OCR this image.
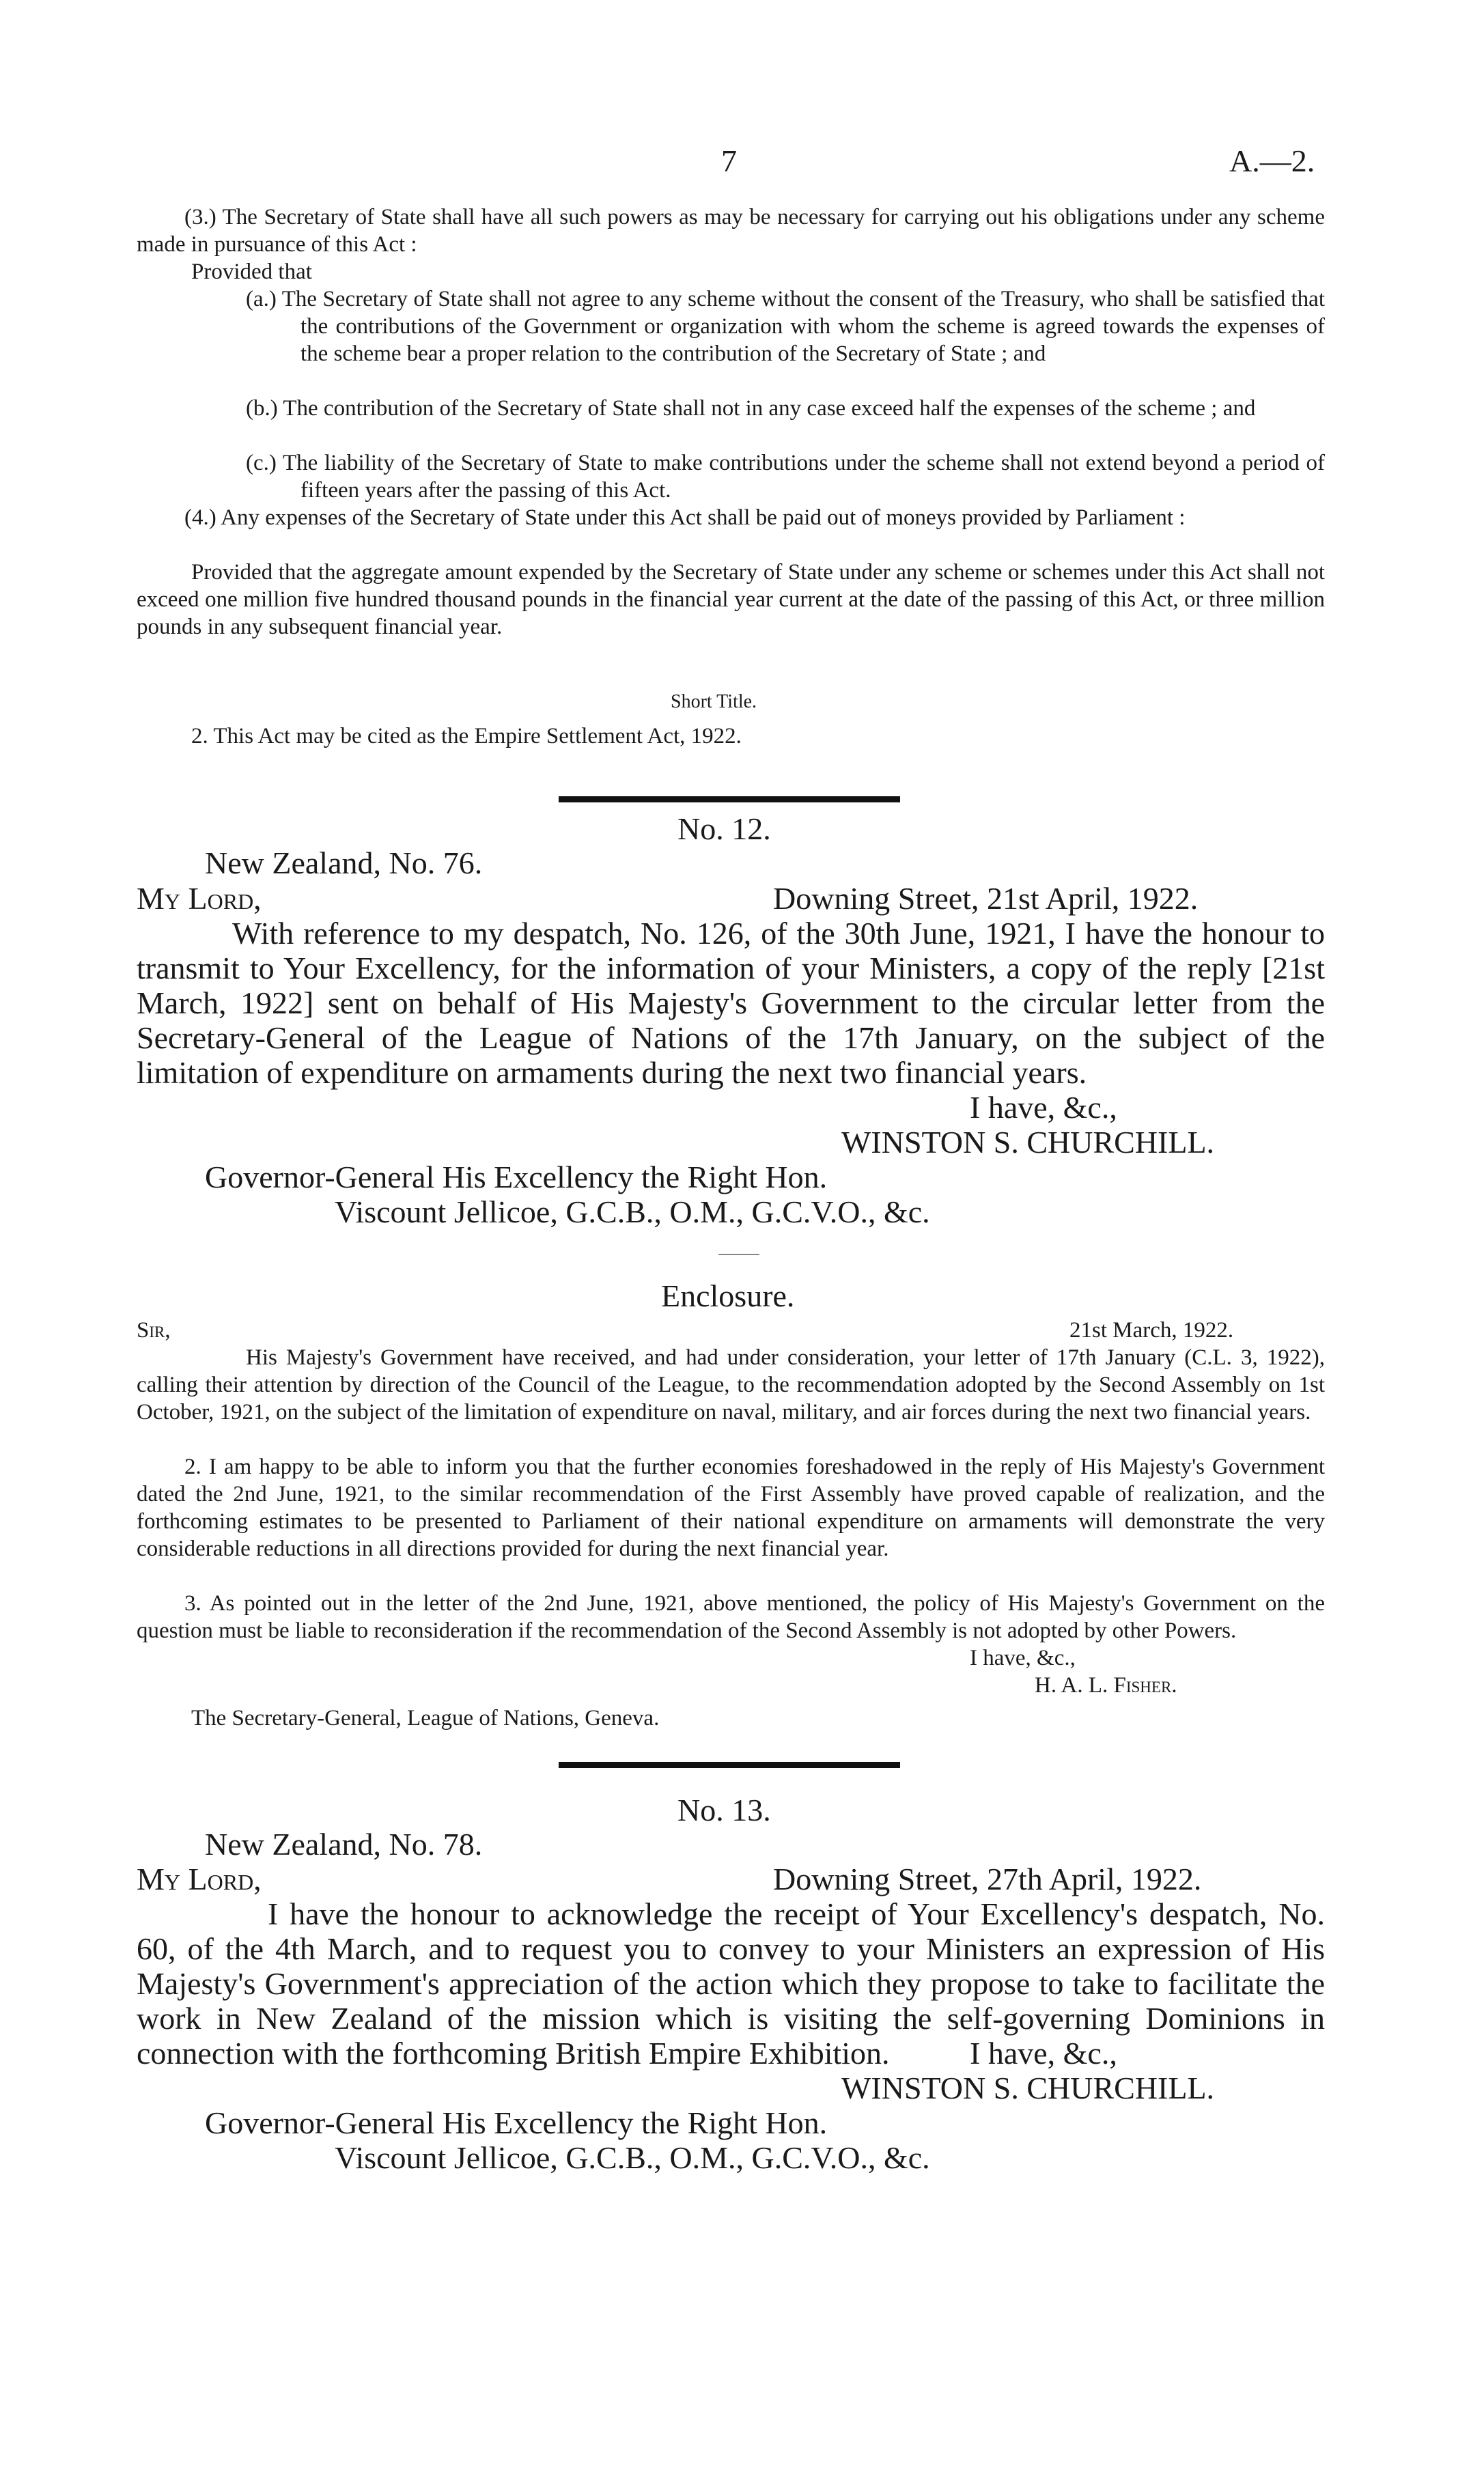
7	A.—2.
(3.) The Secretary of State shall have all such powers as may be necessary for carrying out his obligations under any scheme made in pursuance of this Act :
Provided that
(a.) The Secretary of State shall not agree to any scheme without the consent of the Treasury, who shall be satisfied that the contributions of the Government or organization with whom the scheme is agreed towards the expenses of the scheme bear a proper relation to the contribution of the Secretary of State ; and
(b.) The contribution of the Secretary of State shall not in any case exceed half the expenses of the scheme ; and
(c.) The liability of the Secretary of State to make contributions under the scheme shall not extend beyond a period of fifteen years after the passing of this Act.
(4.) Any expenses of the Secretary of State under this Act shall be paid out of moneys provided by Parliament :
Provided that the aggregate amount expended by the Secretary of State under any scheme or schemes under this Act shall not exceed one million five hundred thousand pounds in the financial year current at the date of the passing of this Act, or three million pounds in any subsequent financial year.
Short Title.
2. This Act may be cited as the Empire Settlement Act, 1922.
No. 12.
New Zealand, No. 76.
My Lord,	Downing Street, 21st April, 1922.
With reference to my despatch, No. 126, of the 30th June, 1921, I have the honour to transmit to Your Excellency, for the information of your Ministers, a copy of the reply [21st March, 1922] sent on behalf of His Majesty's Government to the circular letter from the Secretary-General of the League of Nations of the 17th January, on the subject of the limitation of expenditure on armaments during the next two financial years.
I have, &c.,
WINSTON S. CHURCHILL.
Governor-General His Excellency the Right Hon.
Viscount Jellicoe, G.C.B., O.M., G.C.V.O., &c.
Enclosure.
Sir,	21st March, 1922.
His Majesty's Government have received, and had under consideration, your letter of 17th January (C.L. 3, 1922), calling their attention by direction of the Council of the League, to the recommendation adopted by the Second Assembly on 1st October, 1921, on the subject of the limitation of expenditure on naval, military, and air forces during the next two financial years.
2. I am happy to be able to inform you that the further economies foreshadowed in the reply of His Majesty's Government dated the 2nd June, 1921, to the similar recommendation of the First Assembly have proved capable of realization, and the forthcoming estimates to be presented to Parliament of their national expenditure on armaments will demonstrate the very considerable reductions in all directions provided for during the next financial year.
3. As pointed out in the letter of the 2nd June, 1921, above mentioned, the policy of His Majesty's Government on the question must be liable to reconsideration if the recommendation of the Second Assembly is not adopted by other Powers.
I have, &c.,
H. A. L. Fisher.
The Secretary-General, League of Nations, Geneva.
No. 13.
New Zealand, No. 78.
My Lord,	Downing Street, 27th April, 1922.
I have the honour to acknowledge the receipt of Your Excellency's despatch, No. 60, of the 4th March, and to request you to convey to your Ministers an expression of His Majesty's Government's appreciation of the action which they propose to take to facilitate the work in New Zealand of the mission which is visiting the self-governing Dominions in connection with the forthcoming British Empire Exhibition.	I have, &c.,
WINSTON S. CHURCHILL.
Governor-General His Excellency the Right Hon.
Viscount Jellicoe, G.C.B., O.M., G.C.V.O., &c.
